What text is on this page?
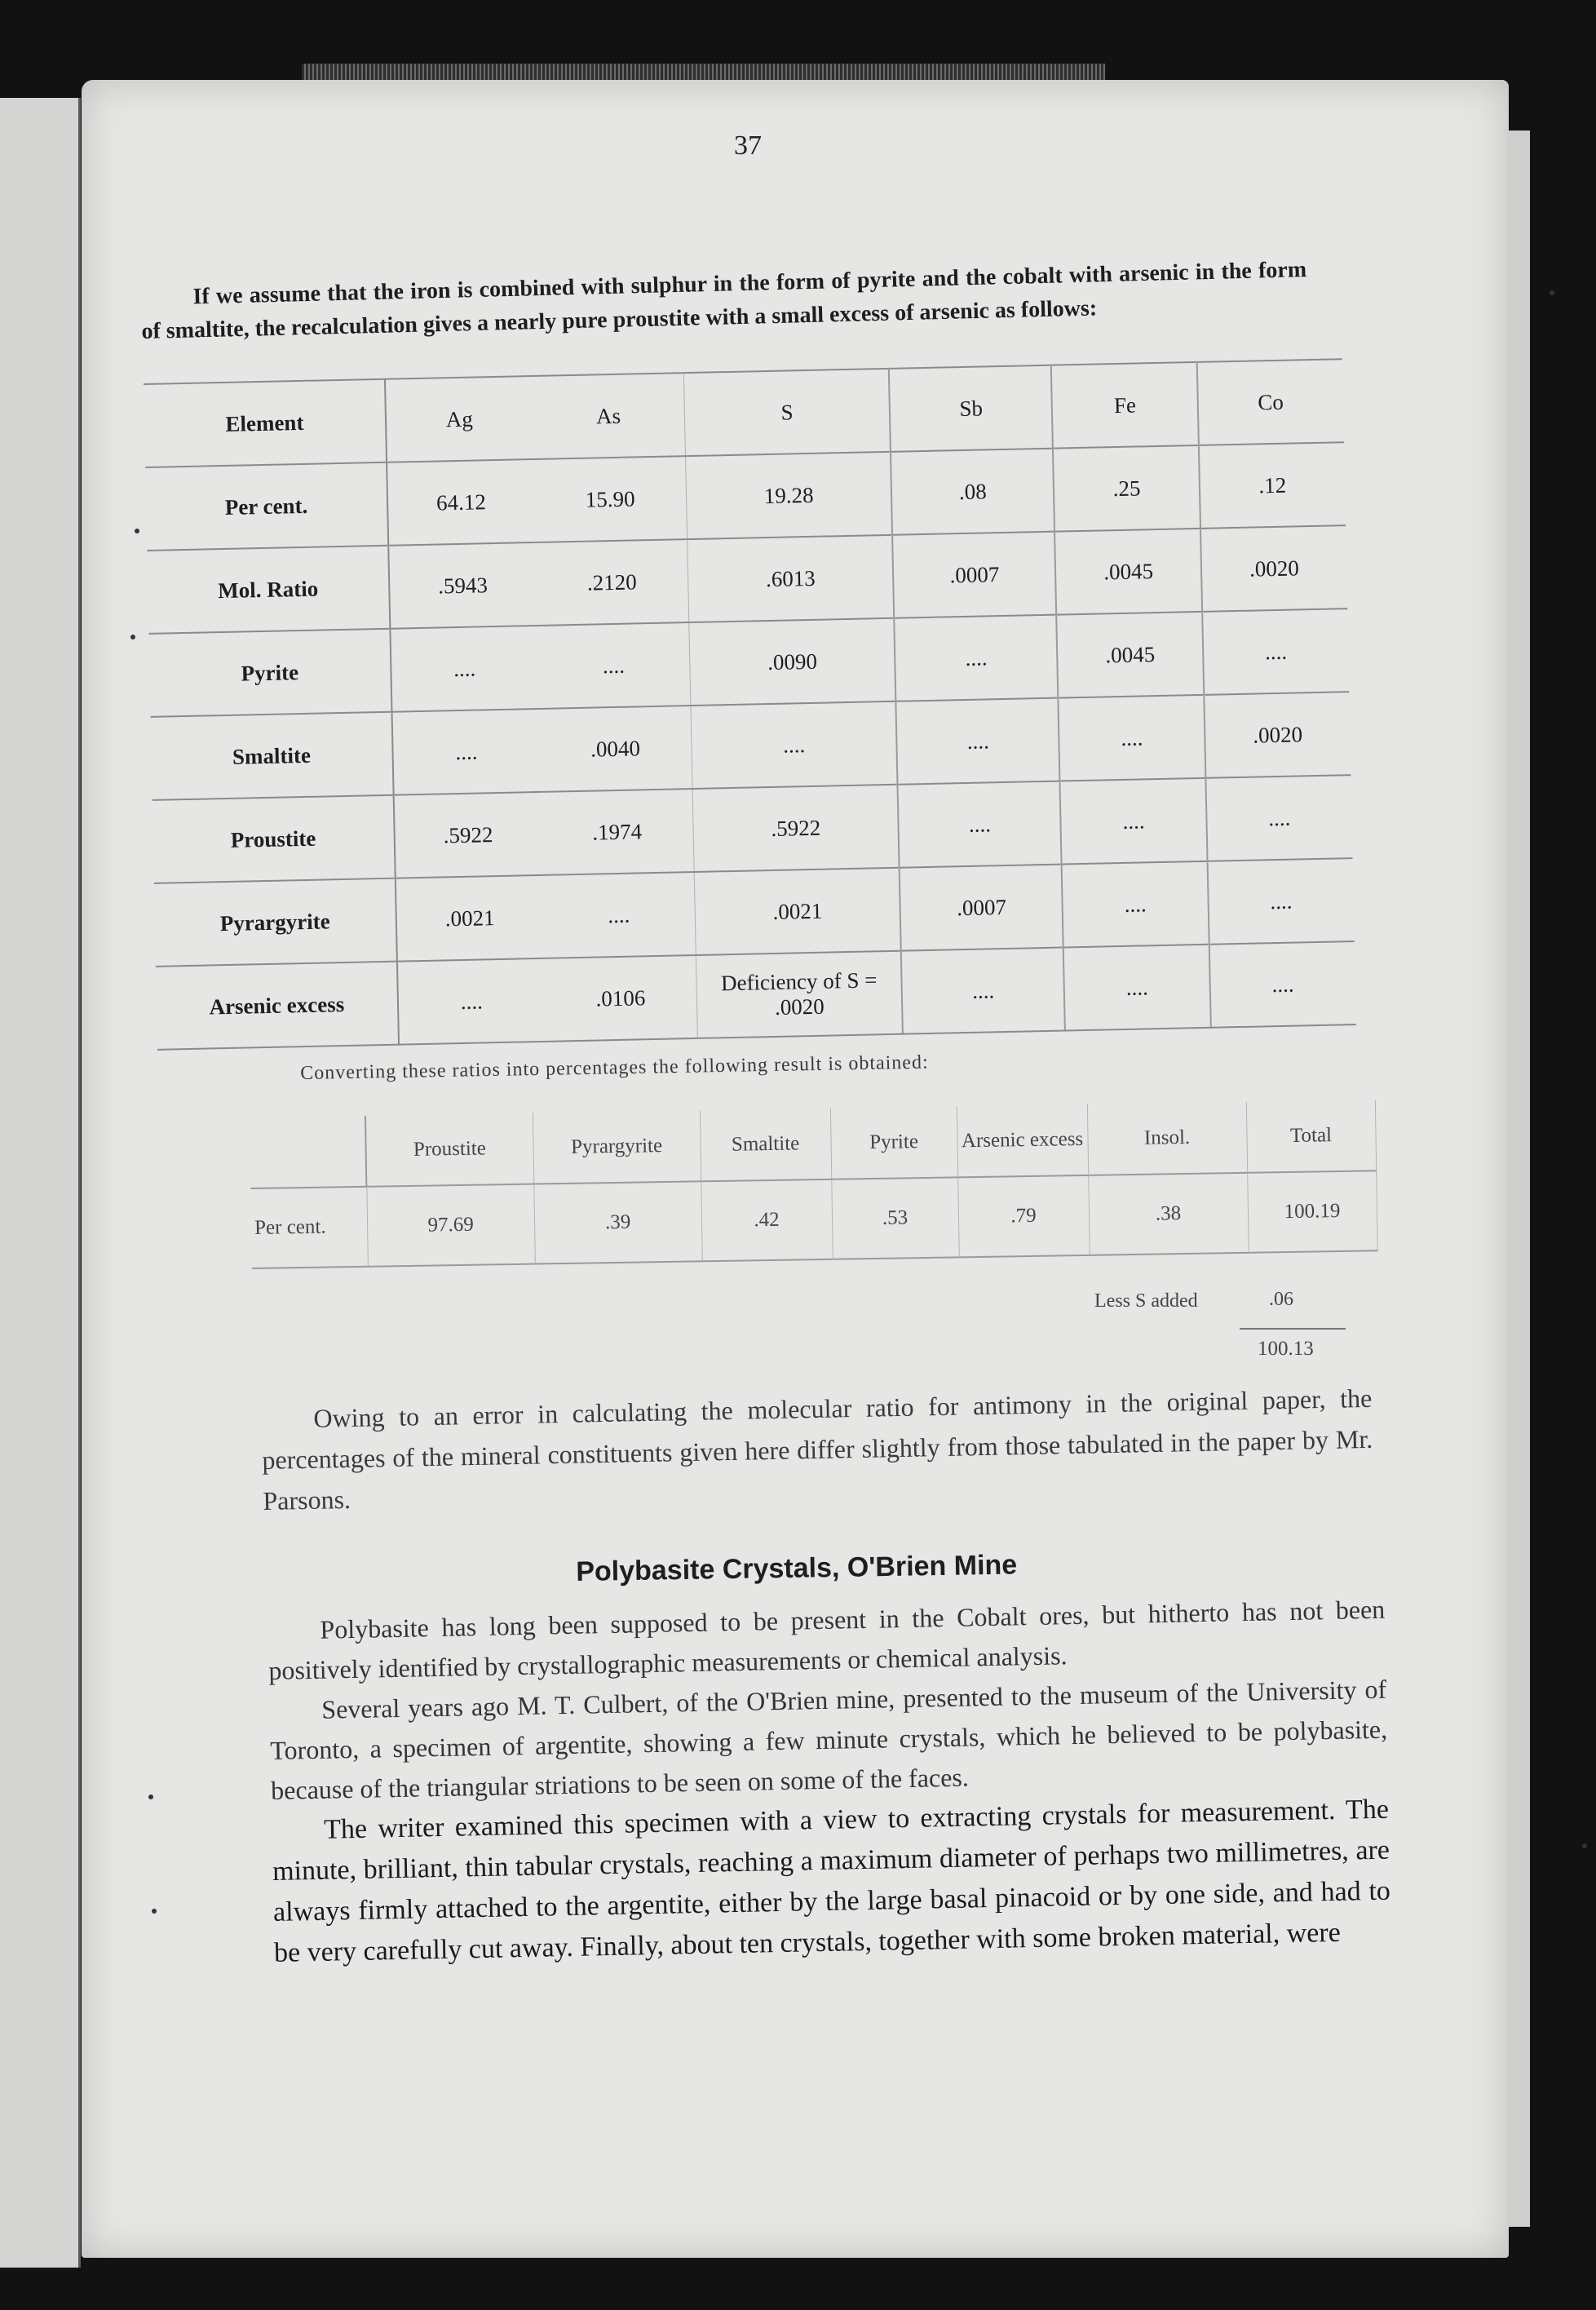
37

If we assume that the iron is combined with sulphur in the form of pyrite and the cobalt with arsenic in the form of smaltite, the recalculation gives a nearly pure proustite with a small excess of arsenic as follows:

Element	Ag	As	S	Sb	Fe	Co
Per cent.	64.12	15.90	19.28	.08	.25	.12
Mol. Ratio	.5943	.2120	.6013	.0007	.0045	.0020
Pyrite	....	....	.0090	....	.0045	....
Smaltite	....	.0040	....	....	....	.0020
Proustite	.5922	.1974	.5922	....	....	....
Pyrargyrite	.0021	....	.0021	.0007	....	....
Arsenic excess	....	.0106	Deficiency of S = .0020	....	....	....
Converting these ratios into percentages the following result is obtained:
	Proustite	Pyrargyrite	Smaltite	Pyrite	Arsenic excess	Insol.	Total
Per cent.	97.69	.39	.42	.53	.79	.38	100.19
Less S added	.06
100.13

Owing to an error in calculating the molecular ratio for antimony in the original paper, the percentages of the mineral constituents given here differ slightly from those tabulated in the paper by Mr. Parsons.

Polybasite Crystals, O'Brien Mine

Polybasite has long been supposed to be present in the Cobalt ores, but hitherto has not been positively identified by crystallographic measurements or chemical analysis.

Several years ago M. T. Culbert, of the O'Brien mine, presented to the museum of the University of Toronto, a specimen of argentite, showing a few minute crystals, which he believed to be polybasite, because of the triangular striations to be seen on some of the faces.

The writer examined this specimen with a view to extracting crystals for measurement. The minute, brilliant, thin tabular crystals, reaching a maximum diameter of perhaps two millimetres, are always firmly attached to the argentite, either by the large basal pinacoid or by one side, and had to be very carefully cut away. Finally, about ten crystals, together with some broken material, were
